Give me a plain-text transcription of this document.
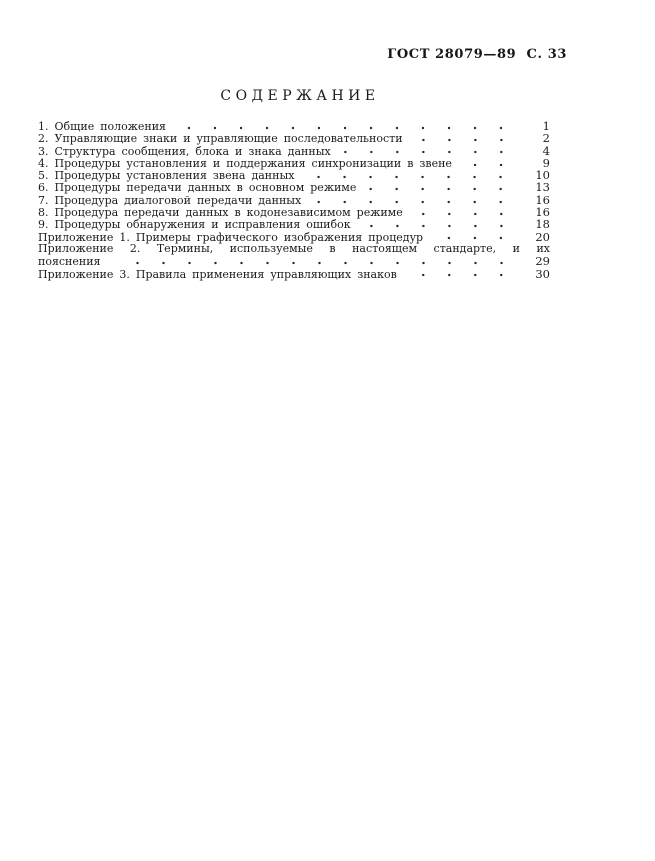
ГОСТ 28079—89  С. 33
СОДЕРЖАНИЕ
1. Общие положения	1
2. Управляющие знаки и управляющие последовательности	2
3. Структура сообщения, блока и знака данных	4
4. Процедуры установления и поддержания синхронизации в звене	9
5. Процедуры установления звена данных	10
6. Процедуры передачи данных в основном режиме	13
7. Процедура диалоговой передачи данных	16
8. Процедура передачи данных в кодонезависимом режиме	16
9. Процедуры обнаружения и исправления ошибок	18
Приложение 1. Примеры графического изображения процедур	20
Приложение 2. Термины, используемые в настоящем стандарте, и их
пояснения	29
Приложение 3. Правила применения управляющих знаков	30
